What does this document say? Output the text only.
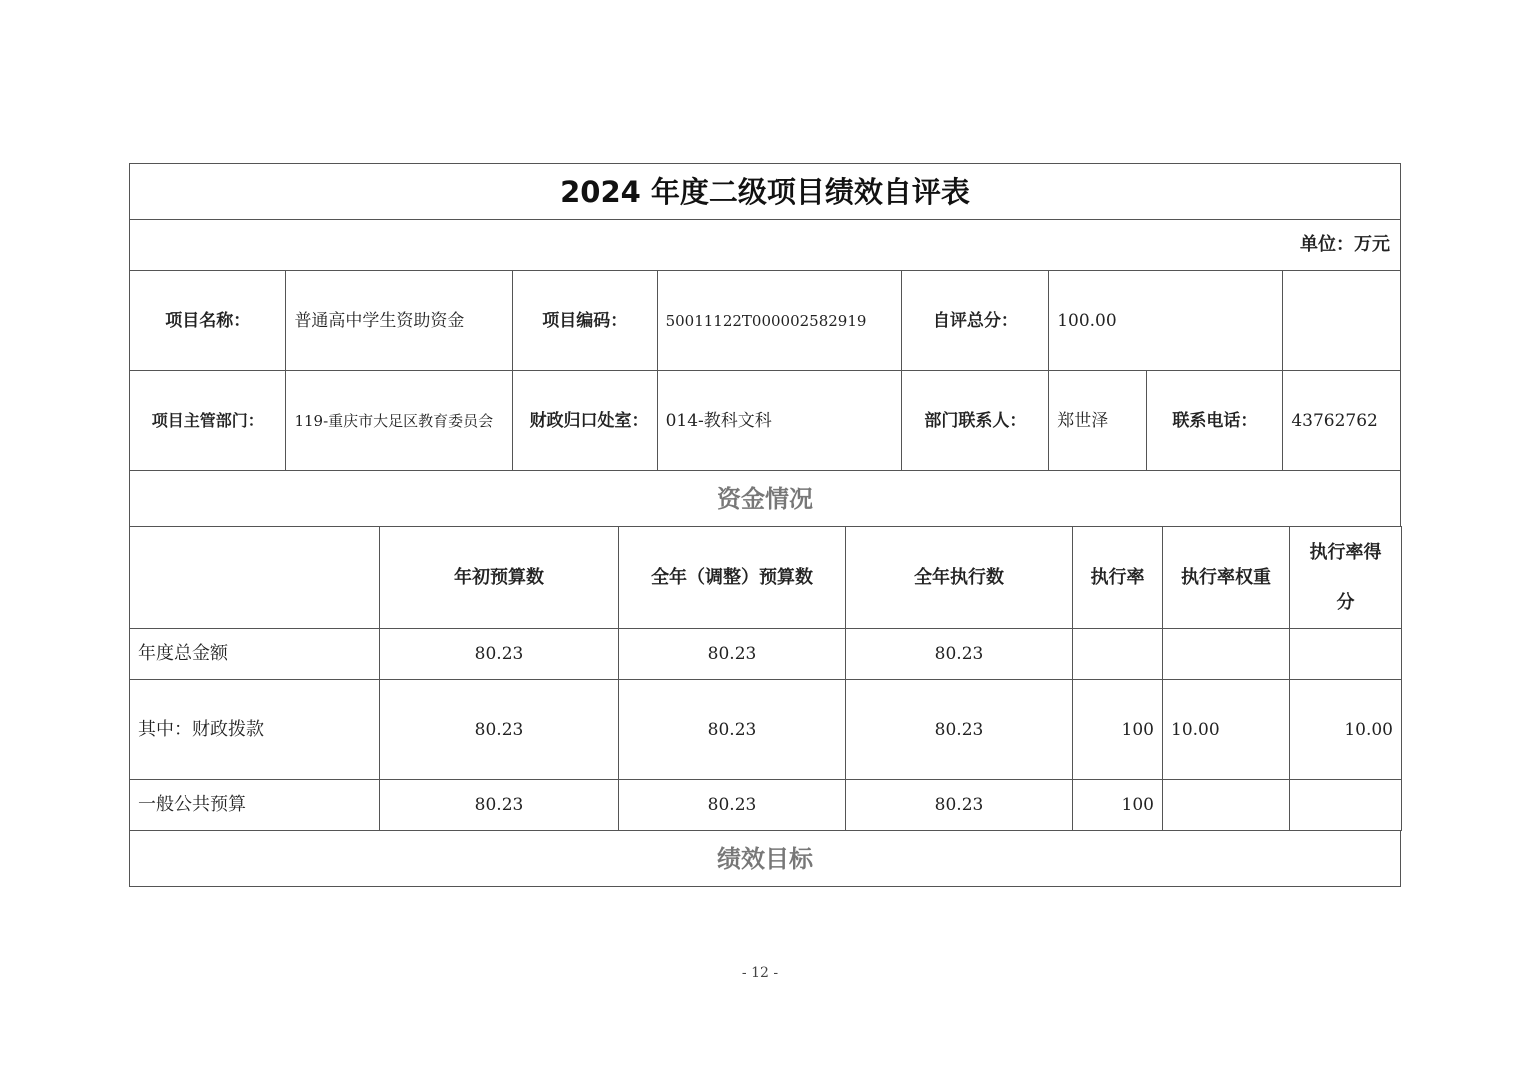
2024 年度二级项目绩效自评表							
单位：万元							
项目名称：	普通高中学生资助资金	项目编码：	50011122T000002582919	自评总分：	100.00		
项目主管部门：	119-重庆市大足区教育委员会	财政归口处室：	014-教科文科	部门联系人：	郑世泽	联系电话：	43762762
资金情况							
	年初预算数	全年（调整）预算数	全年执行数	执行率	执行率权重	执行率得分
年度总金额	80.23	80.23	80.23			
其中：财政拨款	80.23	80.23	80.23	100	10.00	10.00
一般公共预算	80.23	80.23	80.23	100		
绩效目标
- 12 -
